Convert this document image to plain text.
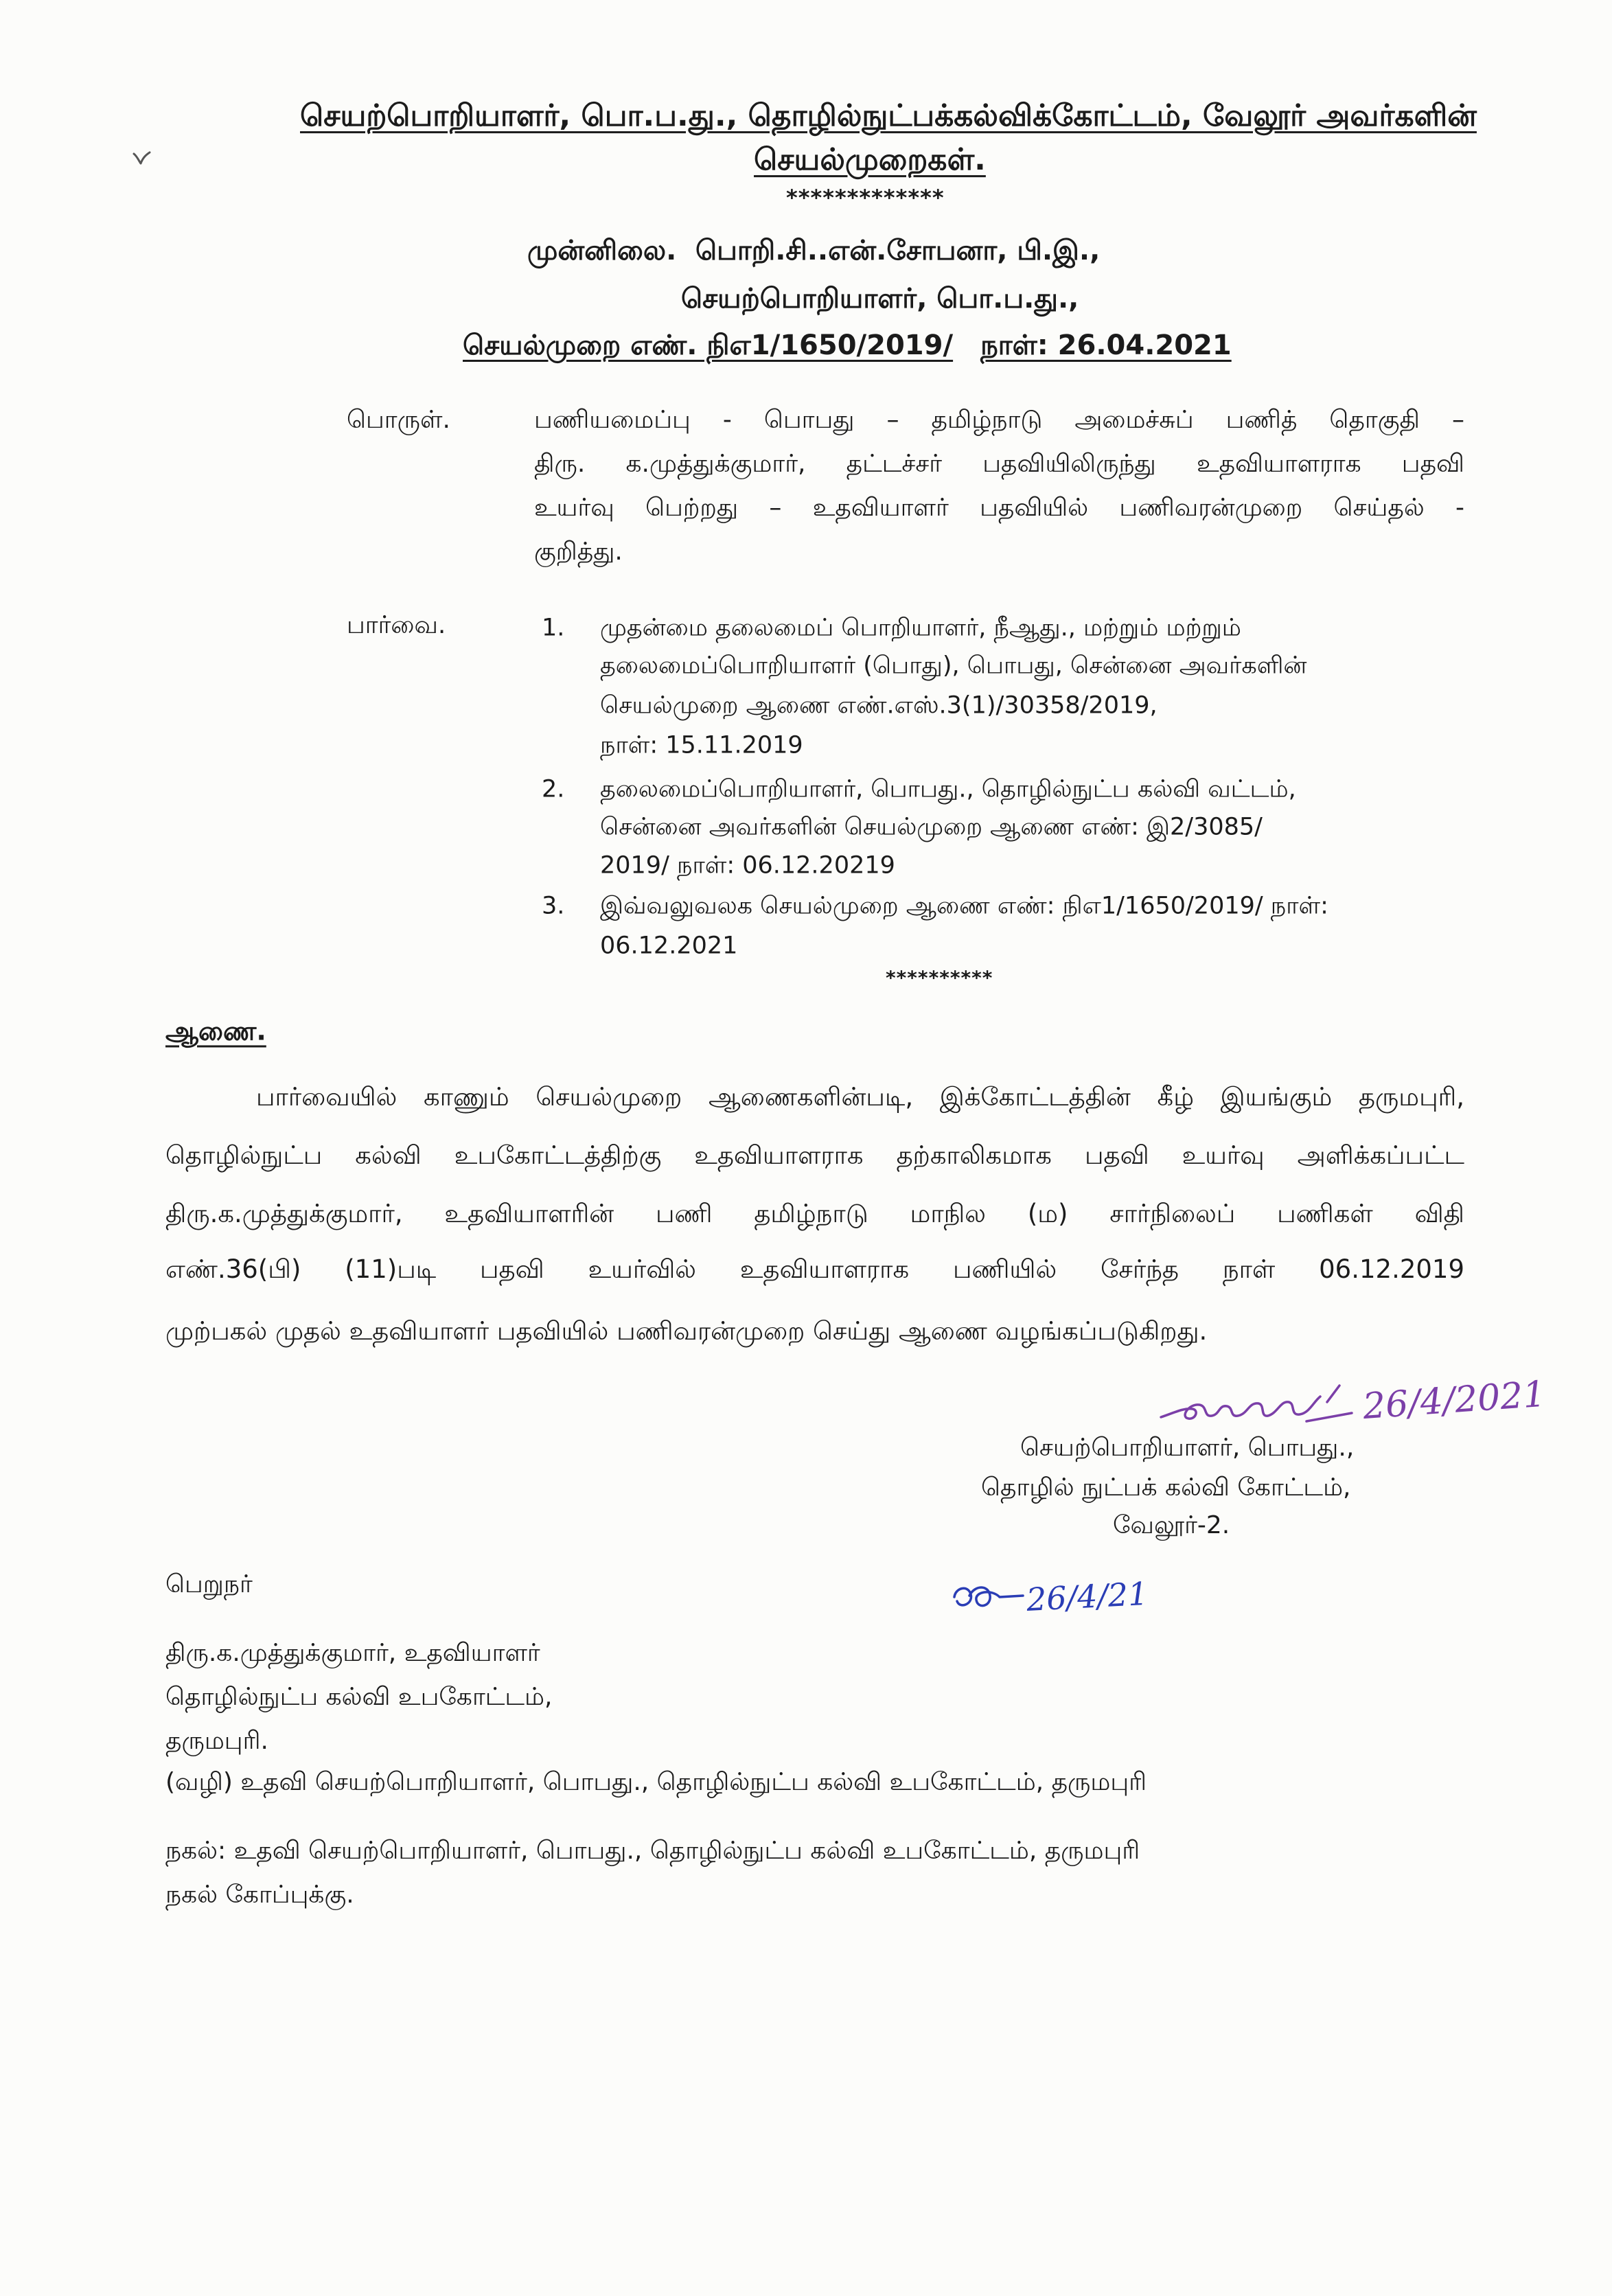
செயற்பொறியாளர், பொ.ப.து., தொழில்நுட்பக்கல்விக்கோட்டம், வேலூர் அவர்களின்
செயல்முறைகள்.
*************
முன்னிலை. பொறி.சி..என்.சோபனா, பி.இ.,
செயற்பொறியாளர், பொ.ப.து.,
செயல்முறை எண். நிஎ1/1650/2019/ நாள்: 26.04.2021
பொருள்.	பணியமைப்பு - பொபது – தமிழ்நாடு அமைச்சுப் பணித் தொகுதி –
திரு. க.முத்துக்குமார், தட்டச்சர் பதவியிலிருந்து உதவியாளராக பதவி
உயர்வு பெற்றது – உதவியாளர் பதவியில் பணிவரன்முறை செய்தல் -
குறித்து.
பார்வை.	1.	முதன்மை தலைமைப் பொறியாளர், நீஆது., மற்றும் மற்றும்
தலைமைப்பொறியாளர் (பொது), பொபது, சென்னை அவர்களின்
செயல்முறை ஆணை எண்.எஸ்.3(1)/30358/2019,
நாள்: 15.11.2019
2.	தலைமைப்பொறியாளர், பொபது., தொழில்நுட்ப கல்வி வட்டம்,
சென்னை அவர்களின் செயல்முறை ஆணை எண்: இ2/3085/
2019/ நாள்: 06.12.20219
3.	இவ்வலுவலக செயல்முறை ஆணை எண்: நிஎ1/1650/2019/ நாள்:
06.12.2021
**********
ஆணை.
பார்வையில் காணும் செயல்முறை ஆணைகளின்படி, இக்கோட்டத்தின் கீழ் இயங்கும் தருமபுரி,
தொழில்நுட்ப கல்வி உபகோட்டத்திற்கு உதவியாளராக தற்காலிகமாக பதவி உயர்வு அளிக்கப்பட்ட
திரு.க.முத்துக்குமார், உதவியாளரின் பணி தமிழ்நாடு மாநில (ம) சார்நிலைப் பணிகள் விதி
எண்.36(பி) (11)படி பதவி உயர்வில் உதவியாளராக பணியில் சேர்ந்த நாள் 06.12.2019
முற்பகல் முதல் உதவியாளர் பதவியில் பணிவரன்முறை செய்து ஆணை வழங்கப்படுகிறது.
26/4/2021
செயற்பொறியாளர், பொபது.,
தொழில் நுட்பக் கல்வி கோட்டம்,
வேலூர்-2.
பெறுநர்	26/4/21
திரு.க.முத்துக்குமார், உதவியாளர்
தொழில்நுட்ப கல்வி உபகோட்டம்,
தருமபுரி.
(வழி) உதவி செயற்பொறியாளர், பொபது., தொழில்நுட்ப கல்வி உபகோட்டம், தருமபுரி
நகல்: உதவி செயற்பொறியாளர், பொபது., தொழில்நுட்ப கல்வி உபகோட்டம், தருமபுரி
நகல் கோப்புக்கு.
